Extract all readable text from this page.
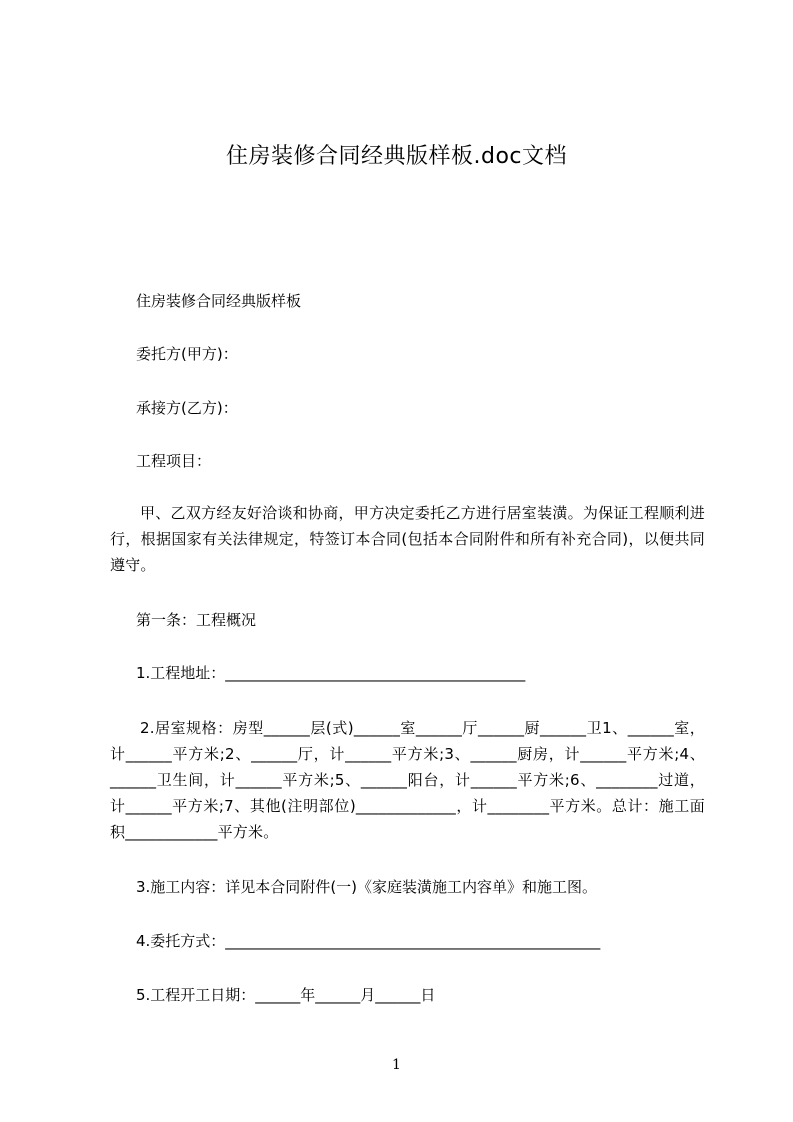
住房装修合同经典版样板.doc文档
住房装修合同经典版样板
委托方(甲方)：
承接方(乙方)：
工程项目：
甲、乙双方经友好洽谈和协商，甲方决定委托乙方进行居室装潢。为保证工程顺利进行，根据国家有关法律规定，特签订本合同(包括本合同附件和所有补充合同)，以便共同遵守。
第一条：工程概况
1.工程地址：________________________________________
2.居室规格：房型______层(式)______室______厅______厨______卫1、______室，计______平方米;2、______厅，计______平方米;3、______厨房，计______平方米;4、______卫生间，计______平方米;5、______阳台，计______平方米;6、________过道，计______平方米;7、其他(注明部位)_____________，计________平方米。总计：施工面积____________平方米。
3.施工内容：详见本合同附件(一)《家庭装潢施工内容单》和施工图。
4.委托方式：__________________________________________________
5.工程开工日期：______年______月______日
1
